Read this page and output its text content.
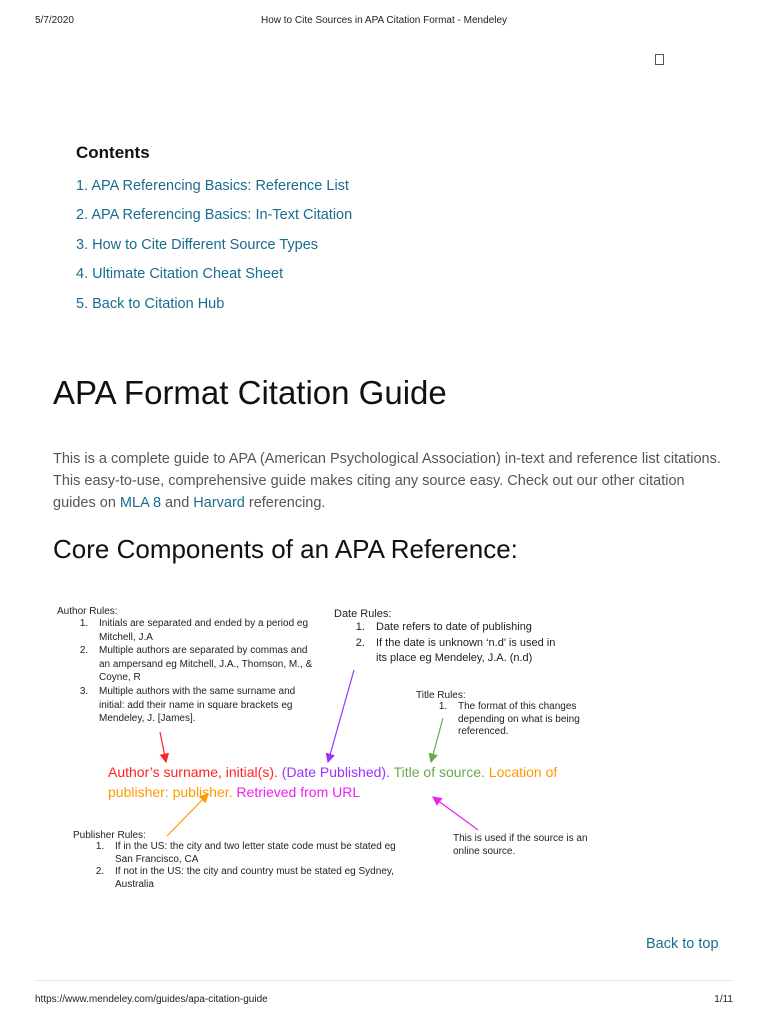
5/7/2020	How to Cite Sources in APA Citation Format - Mendeley
Contents
1. APA Referencing Basics: Reference List
2. APA Referencing Basics: In-Text Citation
3. How to Cite Different Source Types
4. Ultimate Citation Cheat Sheet
5. Back to Citation Hub
APA Format Citation Guide

This is a complete guide to APA (American Psychological Association) in-text and reference list citations. This easy-to-use, comprehensive guide makes citing any source easy. Check out our other citation guides on MLA 8 and Harvard referencing.

Core Components of an APA Reference:
Author Rules:
1. Initials are separated and ended by a period eg Mitchell, J.A
2. Multiple authors are separated by commas and an ampersand eg Mitchell, J.A., Thomson, M., & Coyne, R
3. Multiple authors with the same surname and initial: add their name in square brackets eg Mendeley, J. [James].
Date Rules:
1. Date refers to date of publishing
2. If the date is unknown ‘n.d’ is used in its place eg Mendeley, J.A. (n.d)
Title Rules:
1. The format of this changes depending on what is being referenced.
Author’s surname, initial(s). (Date Published). Title of source. Location of publisher: publisher. Retrieved from URL
Publisher Rules:
1. If in the US: the city and two letter state code must be stated eg San Francisco, CA
2. If not in the US: the city and country must be stated eg Sydney, Australia
This is used if the source is an online source.
Back to top
https://www.mendeley.com/guides/apa-citation-guide	1/11
